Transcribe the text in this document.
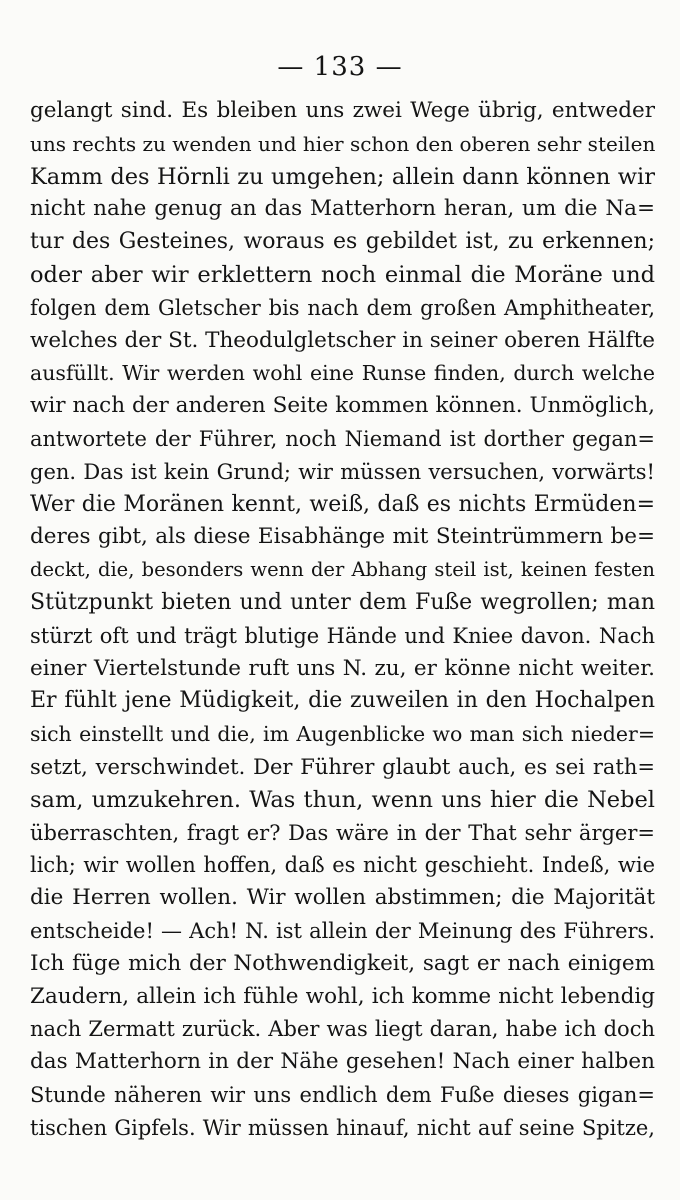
— 133 —
gelangt sind. Es bleiben uns zwei Wege übrig, entweder
uns rechts zu wenden und hier schon den oberen sehr steilen
Kamm des Hörnli zu umgehen; allein dann können wir
nicht nahe genug an das Matterhorn heran, um die Na=
tur des Gesteines, woraus es gebildet ist, zu erkennen;
oder aber wir erklettern noch einmal die Moräne und
folgen dem Gletscher bis nach dem großen Amphitheater,
welches der St. Theodulgletscher in seiner oberen Hälfte
ausfüllt. Wir werden wohl eine Runse finden, durch welche
wir nach der anderen Seite kommen können. Unmöglich,
antwortete der Führer, noch Niemand ist dorther gegan=
gen. Das ist kein Grund; wir müssen versuchen, vorwärts!
Wer die Moränen kennt, weiß, daß es nichts Ermüden=
deres gibt, als diese Eisabhänge mit Steintrümmern be=
deckt, die, besonders wenn der Abhang steil ist, keinen festen
Stützpunkt bieten und unter dem Fuße wegrollen; man
stürzt oft und trägt blutige Hände und Kniee davon. Nach
einer Viertelstunde ruft uns N. zu, er könne nicht weiter.
Er fühlt jene Müdigkeit, die zuweilen in den Hochalpen
sich einstellt und die, im Augenblicke wo man sich nieder=
setzt, verschwindet. Der Führer glaubt auch, es sei rath=
sam, umzukehren. Was thun, wenn uns hier die Nebel
überraschten, fragt er? Das wäre in der That sehr ärger=
lich; wir wollen hoffen, daß es nicht geschieht. Indeß, wie
die Herren wollen. Wir wollen abstimmen; die Majorität
entscheide! — Ach! N. ist allein der Meinung des Führers.
Ich füge mich der Nothwendigkeit, sagt er nach einigem
Zaudern, allein ich fühle wohl, ich komme nicht lebendig
nach Zermatt zurück. Aber was liegt daran, habe ich doch
das Matterhorn in der Nähe gesehen! Nach einer halben
Stunde näheren wir uns endlich dem Fuße dieses gigan=
tischen Gipfels. Wir müssen hinauf, nicht auf seine Spitze,
